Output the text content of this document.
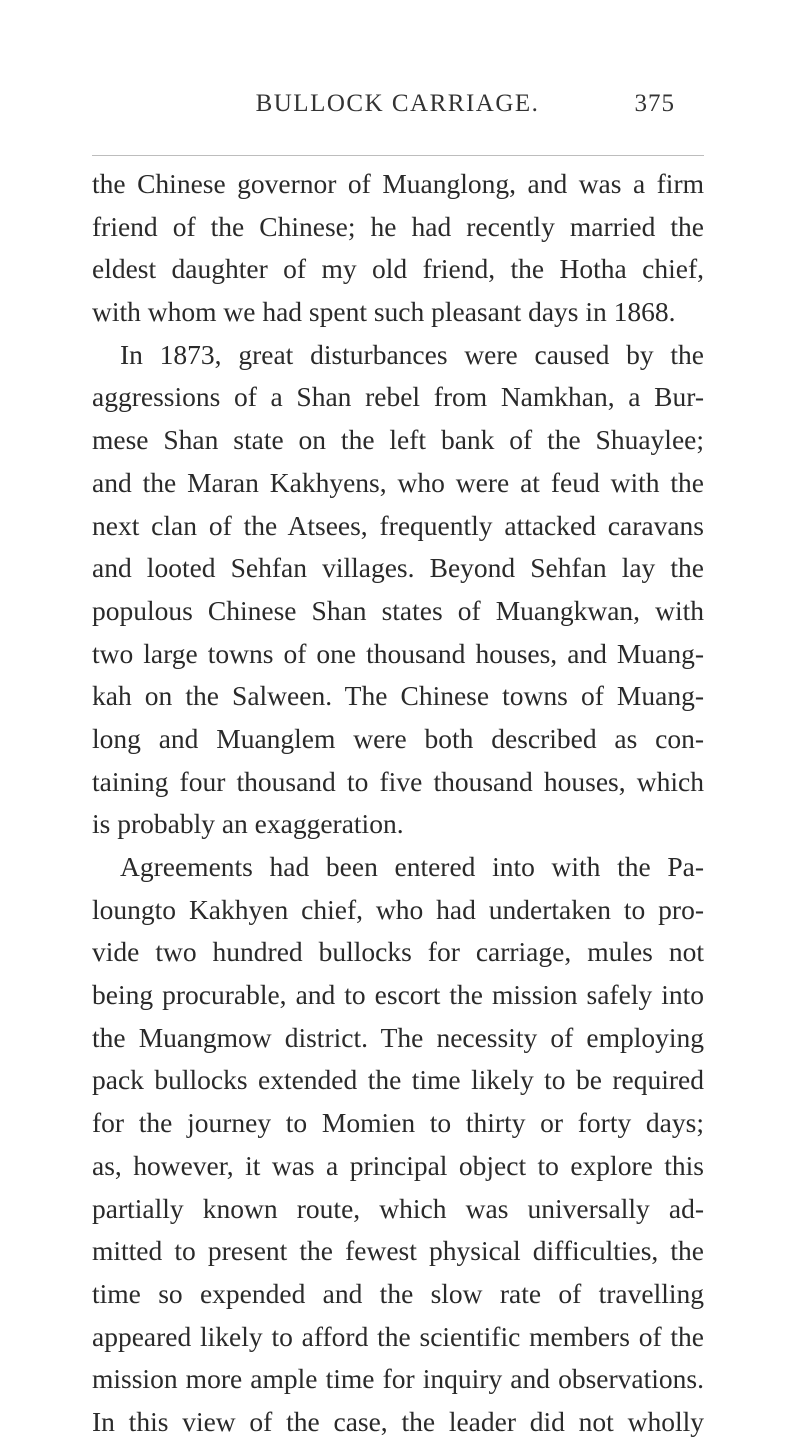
BULLOCK CARRIAGE.	375
the Chinese governor of Muanglong, and was a firm
friend of the Chinese; he had recently married the
eldest daughter of my old friend, the Hotha chief,
with whom we had spent such pleasant days in 1868.
In 1873, great disturbances were caused by the
aggressions of a Shan rebel from Namkhan, a Bur-
mese Shan state on the left bank of the Shuaylee;
and the Maran Kakhyens, who were at feud with the
next clan of the Atsees, frequently attacked caravans
and looted Sehfan villages. Beyond Sehfan lay the
populous Chinese Shan states of Muangkwan, with
two large towns of one thousand houses, and Muang-
kah on the Salween. The Chinese towns of Muang-
long and Muanglem were both described as con-
taining four thousand to five thousand houses, which
is probably an exaggeration.
Agreements had been entered into with the Pa-
loungto Kakhyen chief, who had undertaken to pro-
vide two hundred bullocks for carriage, mules not
being procurable, and to escort the mission safely into
the Muangmow district. The necessity of employing
pack bullocks extended the time likely to be required
for the journey to Momien to thirty or forty days;
as, however, it was a principal object to explore this
partially known route, which was universally ad-
mitted to present the fewest physical difficulties, the
time so expended and the slow rate of travelling
appeared likely to afford the scientific members of the
mission more ample time for inquiry and observations.
In this view of the case, the leader did not wholly
